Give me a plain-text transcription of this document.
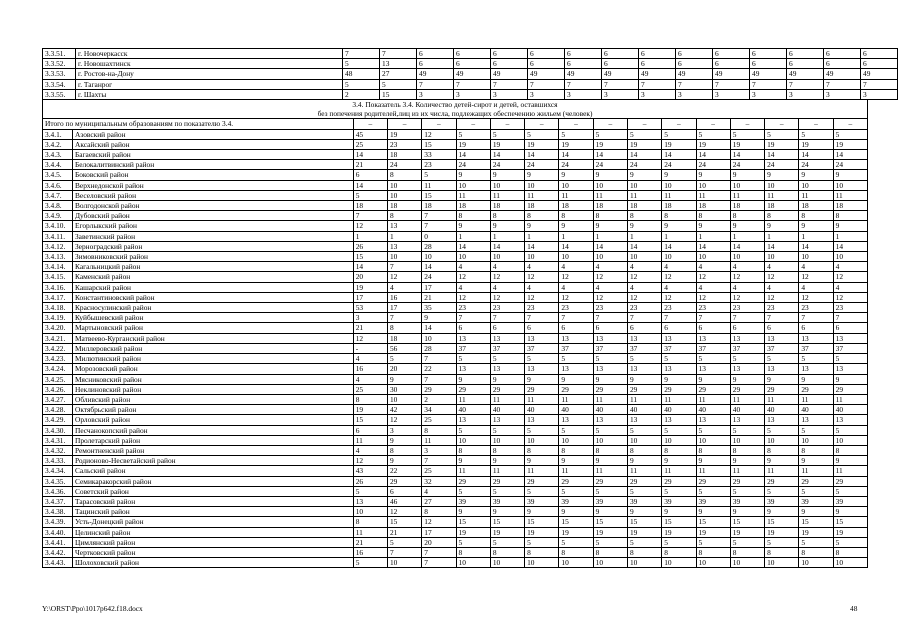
3.3.51.	г. Новочеркасск	7	7	6	6	6	6	6	6	6	6	6	6	6	6	6
3.3.52.	г. Новошахтинск	5	13	6	6	6	6	6	6	6	6	6	6	6	6	6
3.3.53.	г. Ростов-на-Дону	48	27	49	49	49	49	49	49	49	49	49	49	49	49	49
3.3.54.	г. Таганрог	5	5	7	7	7	7	7	7	7	7	7	7	7	7	7
3.3.55.	г. Шахты	2	15	3	3	3	3	3	3	3	3	3	3	3	3	3
3.4. Показатель 3.4. Количество детей-сирот и детей, оставшихся
без попечения родителей,лиц из их числа, подлежащих обеспечению жильем (человек)
Итого по муниципальным образованиям по показателю 3.4.		–	–	–	–	–	–	–	–	–	–	–	–	–	–	–
3.4.1.	Азовский район	45	19	12	5	5	5	5	5	5	5	5	5	5	5	5
3.4.2.	Аксайский район	25	23	15	19	19	19	19	19	19	19	19	19	19	19	19
3.4.3.	Багаевский район	14	18	33	14	14	14	14	14	14	14	14	14	14	14	14
3.4.4.	Белокалитвинский район	21	24	23	24	24	24	24	24	24	24	24	24	24	24	24
3.4.5.	Боковский район	6	8	5	9	9	9	9	9	9	9	9	9	9	9	9
3.4.6.	Верхнедонской район	14	10	11	10	10	10	10	10	10	10	10	10	10	10	10
3.4.7.	Веселовский район	5	10	15	11	11	11	11	11	11	11	11	11	11	11	11
3.4.8.	Волгодонской район	18	18	18	18	18	18	18	18	18	18	18	18	18	18	18
3.4.9.	Дубовский район	7	8	7	8	8	8	8	8	8	8	8	8	8	8	8
3.4.10.	Егорлыкский район	12	13	7	9	9	9	9	9	9	9	9	9	9	9	9
3.4.11.	Заветинский район	1	1	0	1	1	1	1	1	1	1	1	1	1	1	1
3.4.12.	Зерноградский район	26	13	28	14	14	14	14	14	14	14	14	14	14	14	14
3.4.13.	Зимовниковский район	15	10	10	10	10	10	10	10	10	10	10	10	10	10	10
3.4.14.	Кагальницкий район	14	7	14	4	4	4	4	4	4	4	4	4	4	4	4
3.4.15.	Каменский район	20	12	24	12	12	12	12	12	12	12	12	12	12	12	12
3.4.16.	Кашарский район	19	4	17	4	4	4	4	4	4	4	4	4	4	4	4
3.4.17.	Константиновский район	17	16	21	12	12	12	12	12	12	12	12	12	12	12	12
3.4.18.	Красносулинский район	53	17	35	23	23	23	23	23	23	23	23	23	23	23	23
3.4.19.	Куйбышевский район	3	7	9	7	7	7	7	7	7	7	7	7	7	7	7
3.4.20.	Мартыновский район	21	8	14	6	6	6	6	6	6	6	6	6	6	6	6
3.4.21.	Матвеево-Курганский район	12	18	10	13	13	13	13	13	13	13	13	13	13	13	13
3.4.22.	Миллеровский район	-	56	28	37	37	37	37	37	37	37	37	37	37	37	37
3.4.23.	Милютинский район	4	5	7	5	5	5	5	5	5	5	5	5	5	5	5
3.4.24.	Морозовский район	16	20	22	13	13	13	13	13	13	13	13	13	13	13	13
3.4.25.	Мясниковский район	4	9	7	9	9	9	9	9	9	9	9	9	9	9	9
3.4.26.	Неклиновский район	25	30	29	29	29	29	29	29	29	29	29	29	29	29	29
3.4.27.	Обливский район	8	10	2	11	11	11	11	11	11	11	11	11	11	11	11
3.4.28.	Октябрьский район	19	42	34	40	40	40	40	40	40	40	40	40	40	40	40
3.4.29.	Орловский район	15	12	25	13	13	13	13	13	13	13	13	13	13	13	13
3.4.30.	Песчанокопский район	6	3	8	5	5	5	5	5	5	5	5	5	5	5	5
3.4.31.	Пролетарский район	11	9	11	10	10	10	10	10	10	10	10	10	10	10	10
3.4.32.	Ремонтненский район	4	8	3	8	8	8	8	8	8	8	8	8	8	8	8
3.4.33.	Родионово-Несветайский район	12	9	7	9	9	9	9	9	9	9	9	9	9	9	9
3.4.34.	Сальский район	43	22	25	11	11	11	11	11	11	11	11	11	11	11	11
3.4.35.	Семикаракорский район	26	29	32	29	29	29	29	29	29	29	29	29	29	29	29
3.4.36.	Советский район	5	6	4	5	5	5	5	5	5	5	5	5	5	5	5
3.4.37.	Тарасовский район	13	46	27	39	39	39	39	39	39	39	39	39	39	39	39
3.4.38.	Тацинский район	10	12	8	9	9	9	9	9	9	9	9	9	9	9	9
3.4.39.	Усть-Донецкий район	8	15	12	15	15	15	15	15	15	15	15	15	15	15	15
3.4.40.	Целинский район	11	21	17	19	19	19	19	19	19	19	19	19	19	19	19
3.4.41.	Цимлянский район	21	5	20	5	5	5	5	5	5	5	5	5	5	5	5
3.4.42.	Чертковский район	16	7	7	8	8	8	8	8	8	8	8	8	8	8	8
3.4.43.	Шолоховский район	5	10	7	10	10	10	10	10	10	10	10	10	10	10	10
Y:\ORST\Ppo\1017p642.f18.docx	48
